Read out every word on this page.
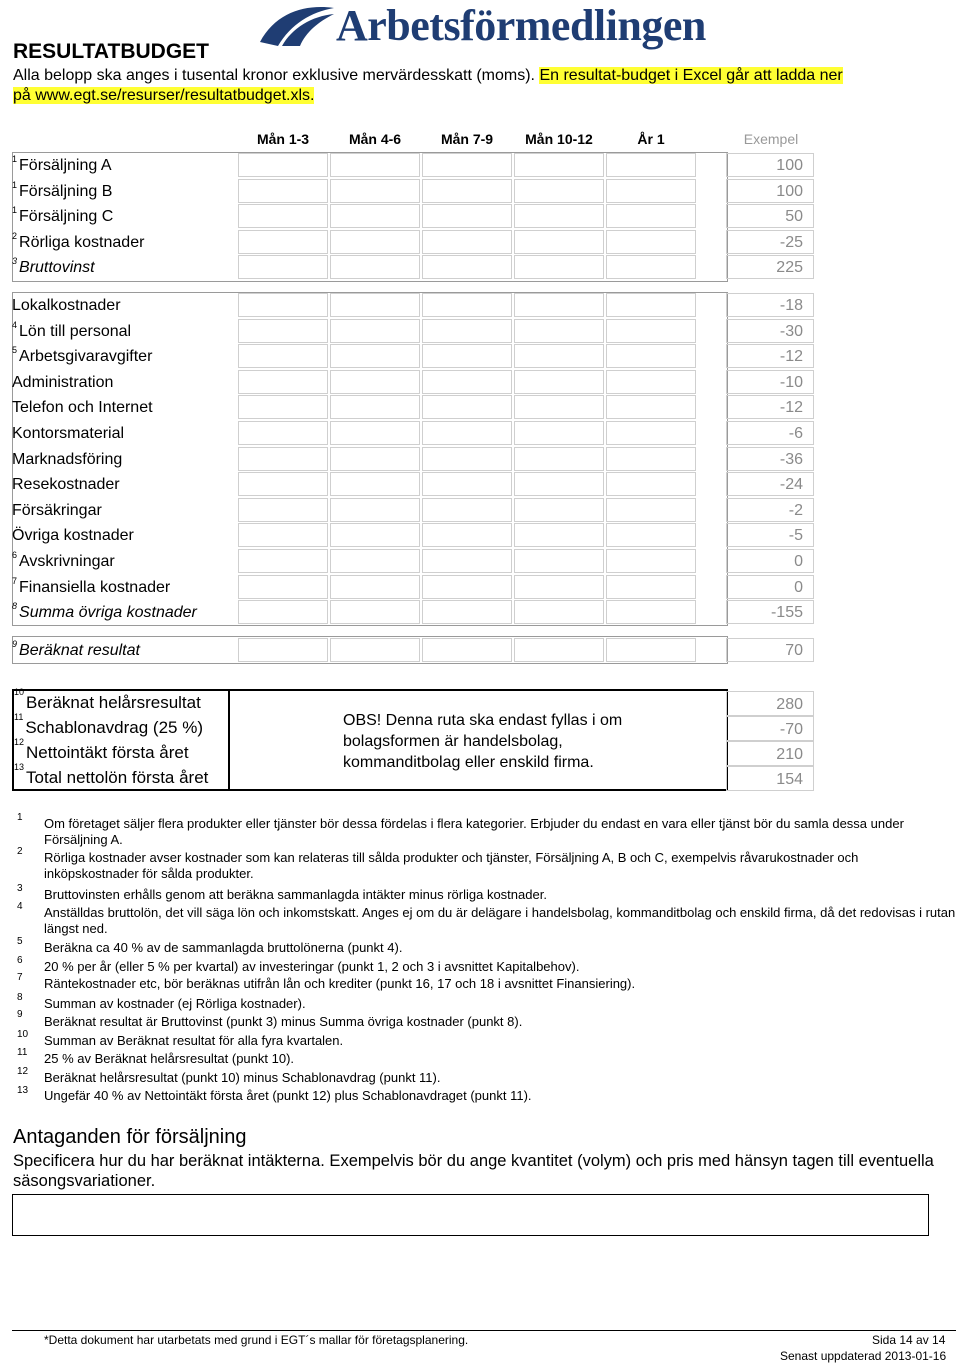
Arbetsförmedlingen
RESULTATBUDGET
Alla belopp ska anges i tusental kronor exklusive mervärdesskatt (moms). En resultat-budget i Excel går att ladda ner
på www.egt.se/resurser/resultatbudget.xls.
Mån 1-3	Mån 4-6	Mån 7-9	Mån 10-12	År 1	Exempel
$^1$ Försäljning A	100
$^1$ Försäljning B	100
$^1$ Försäljning C	50
$^2$ Rörliga kostnader	-25
$^3$ Bruttovinst	225
Lokalkostnader	-18
$^4$ Lön till personal	-30
$^5$ Arbetsgivaravgifter	-12
Administration	-10
Telefon och Internet	-12
Kontorsmaterial	-6
Marknadsföring	-36
Resekostnader	-24
Försäkringar	-2
Övriga kostnader	-5
$^6$ Avskrivningar	0
$^7$ Finansiella kostnader	0
$^8$ Summa övriga kostnader	-155
$^9$ Beräknat resultat	70
$^{10}$Beräknat helårsresultat	280
$^{11}$Schablonavdrag (25 %)	-70
$^{12}$Nettointäkt första året	210
$^{13}$Total nettolön första året	154
OBS! Denna ruta ska endast fyllas i om bolagsformen är handelsbolag, kommanditbolag eller enskild firma.
1 Om företaget säljer flera produkter eller tjänster bör dessa fördelas i flera kategorier. Erbjuder du endast en vara eller tjänst bör du samla dessa under Försäljning A.
2 Rörliga kostnader avser kostnader som kan relateras till sålda produkter och tjänster, Försäljning A, B och C, exempelvis råvarukostnader och inköpskostnader för sålda produkter.
3 Bruttovinsten erhålls genom att beräkna sammanlagda intäkter minus rörliga kostnader.
4 Anställdas bruttolön, det vill säga lön och inkomstskatt. Anges ej om du är delägare i handelsbolag, kommanditbolag och enskild firma, då det redovisas i rutan längst ned.
5 Beräkna ca 40 % av de sammanlagda bruttolönerna (punkt 4).
6 20 % per år (eller 5 % per kvartal) av investeringar (punkt 1, 2 och 3 i avsnittet Kapitalbehov).
7 Räntekostnader etc, bör beräknas utifrån lån och krediter (punkt 16, 17 och 18 i avsnittet Finansiering).
8 Summan av kostnader (ej Rörliga kostnader).
9 Beräknat resultat är Bruttovinst (punkt 3) minus Summa övriga kostnader (punkt 8).
10 Summan av Beräknat resultat för alla fyra kvartalen.
11 25 % av Beräknat helårsresultat (punkt 10).
12 Beräknat helårsresultat (punkt 10) minus Schablonavdrag (punkt 11).
13 Ungefär 40 % av Nettointäkt första året (punkt 12) plus Schablonavdraget (punkt 11).
Antaganden för försäljning
Specificera hur du har beräknat intäkterna. Exempelvis bör du ange kvantitet (volym) och pris med hänsyn tagen till eventuella säsongsvariationer.
*Detta dokument har utarbetats med grund i EGT´s mallar för företagsplanering.	Sida 14 av 14
Senast uppdaterad 2013-01-16
